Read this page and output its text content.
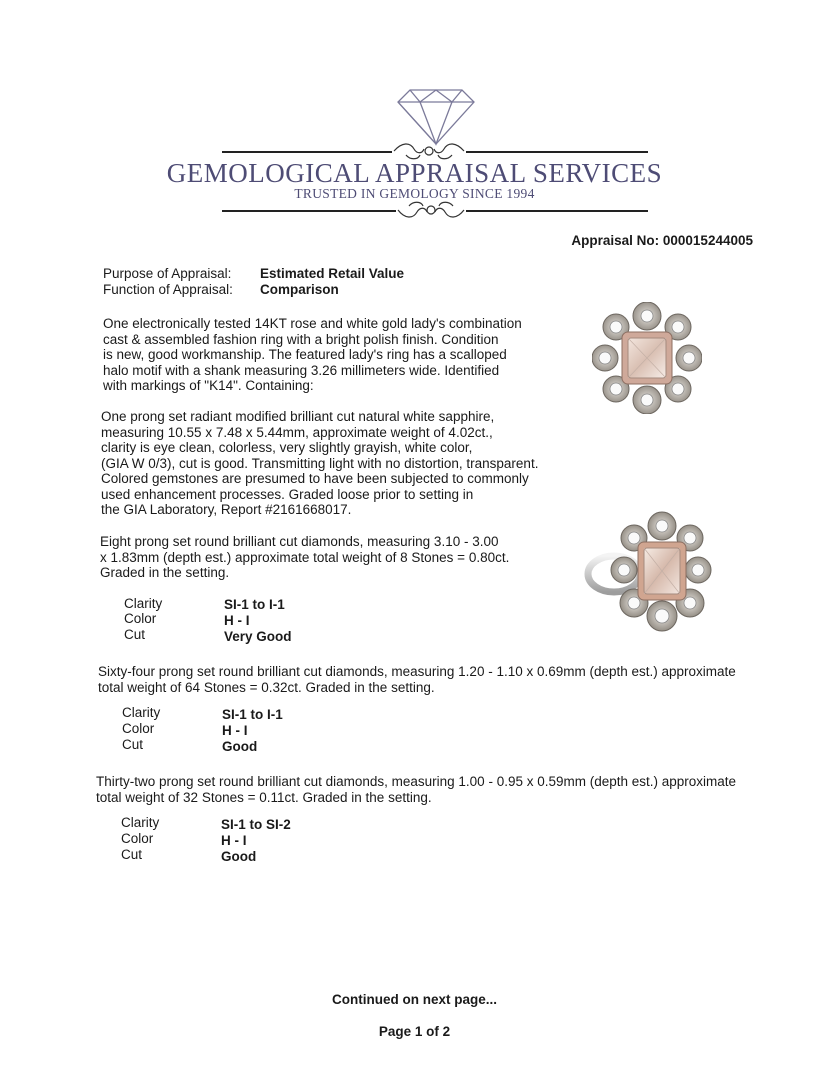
GEMOLOGICAL APPRAISAL SERVICES
TRUSTED IN GEMOLOGY SINCE 1994
Appraisal No: 000015244005
Purpose of Appraisal: Estimated Retail Value
Function of Appraisal: Comparison
One electronically tested 14KT rose and white gold lady's combination
cast & assembled fashion ring with a bright polish finish. Condition
is new, good workmanship. The featured lady's ring has a scalloped
halo motif with a shank measuring 3.26 millimeters wide. Identified
with markings of "K14". Containing:
One prong set radiant modified brilliant cut natural white sapphire,
measuring 10.55 x 7.48 x 5.44mm, approximate weight of 4.02ct.,
clarity is eye clean, colorless, very slightly grayish, white color,
(GIA W 0/3), cut is good. Transmitting light with no distortion, transparent.
Colored gemstones are presumed to have been subjected to commonly
used enhancement processes. Graded loose prior to setting in
the GIA Laboratory, Report #2161668017.
Eight prong set round brilliant cut diamonds, measuring 3.10 - 3.00
x 1.83mm (depth est.) approximate total weight of 8 Stones = 0.80ct.
Graded in the setting.
Clarity	SI-1 to I-1
Color	H - I
Cut	Very Good
Sixty-four prong set round brilliant cut diamonds, measuring 1.20 - 1.10 x 0.69mm (depth est.) approximate
total weight of 64 Stones = 0.32ct. Graded in the setting.
Clarity	SI-1 to I-1
Color	H - I
Cut	Good
Thirty-two prong set round brilliant cut diamonds, measuring 1.00 - 0.95 x 0.59mm (depth est.) approximate
total weight of 32 Stones = 0.11ct. Graded in the setting.
Clarity	SI-1 to SI-2
Color	H - I
Cut	Good
Continued on next page...
Page 1 of 2
